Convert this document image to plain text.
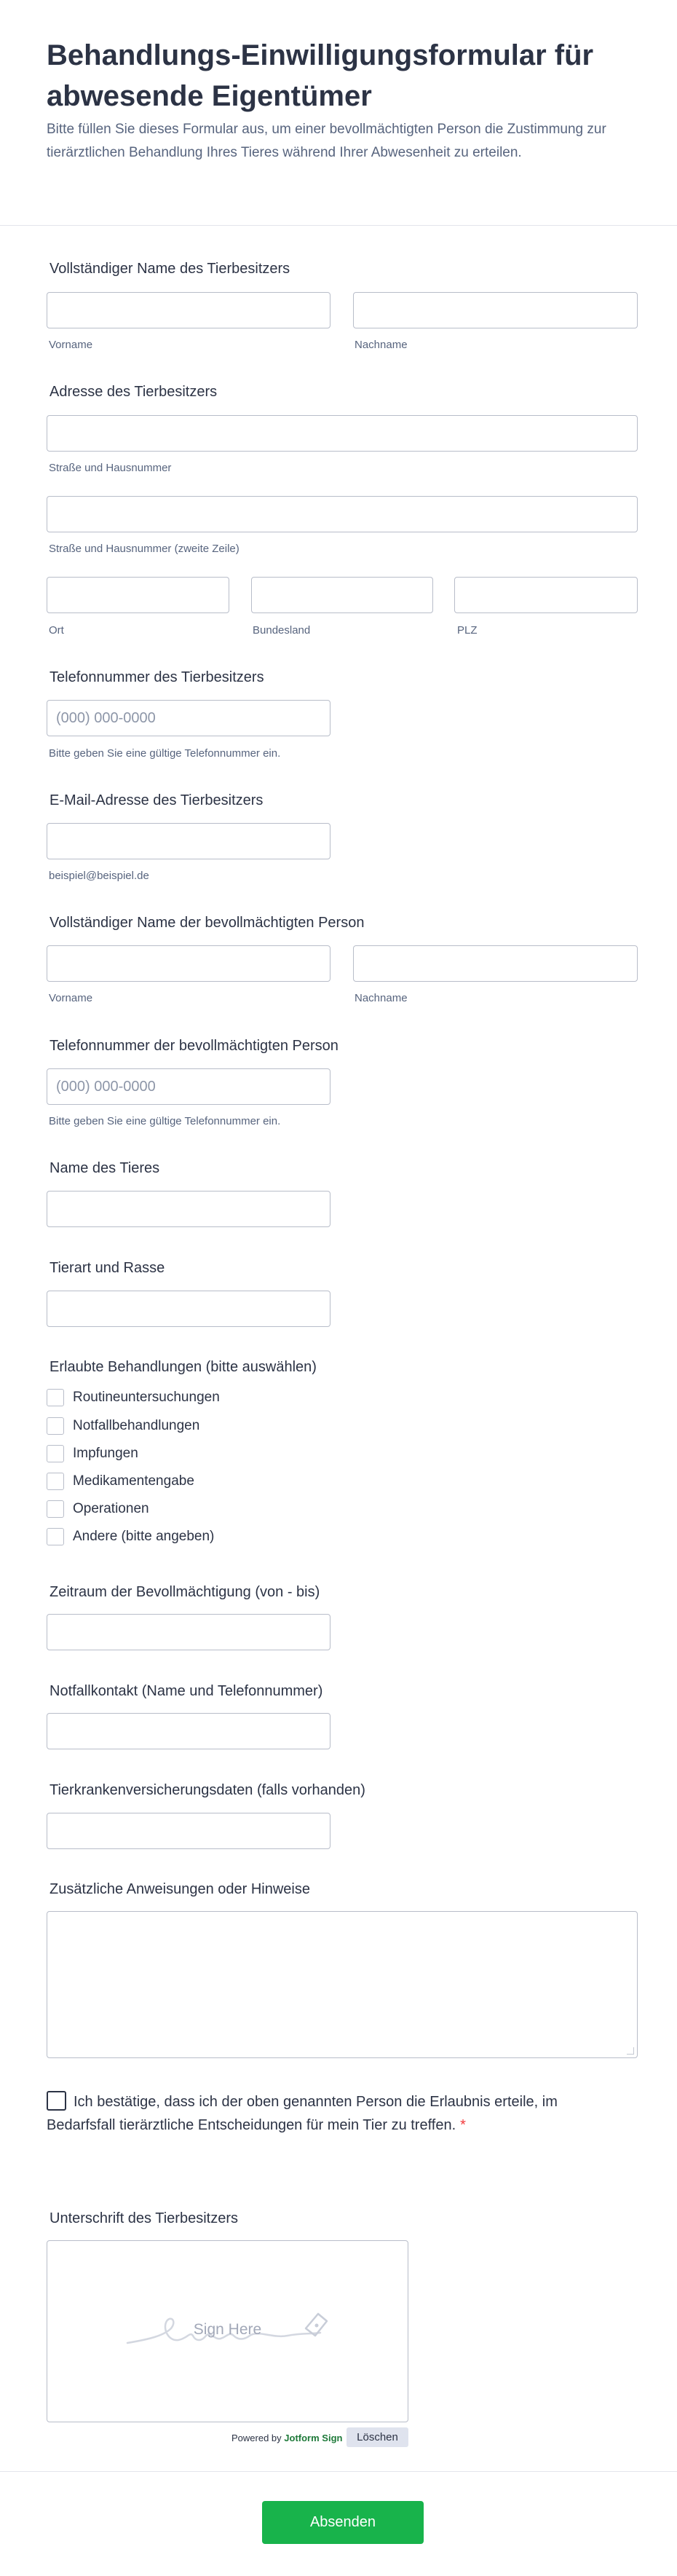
Behandlungs-Einwilligungsformular für abwesende Eigentümer
Bitte füllen Sie dieses Formular aus, um einer bevollmächtigten Person die Zustimmung zur tierärztlichen Behandlung Ihres Tieres während Ihrer Abwesenheit zu erteilen.
Vollständiger Name des Tierbesitzers
Vorname	Nachname
Adresse des Tierbesitzers
Straße und Hausnummer
Straße und Hausnummer (zweite Zeile)
Ort	Bundesland	PLZ
Telefonnummer des Tierbesitzers
(000) 000-0000
Bitte geben Sie eine gültige Telefonnummer ein.
E-Mail-Adresse des Tierbesitzers
beispiel@beispiel.de
Vollständiger Name der bevollmächtigten Person
Vorname	Nachname
Telefonnummer der bevollmächtigten Person
(000) 000-0000
Bitte geben Sie eine gültige Telefonnummer ein.
Name des Tieres
Tierart und Rasse
Erlaubte Behandlungen (bitte auswählen)
Routineuntersuchungen
Notfallbehandlungen
Impfungen
Medikamentengabe
Operationen
Andere (bitte angeben)
Zeitraum der Bevollmächtigung (von - bis)
Notfallkontakt (Name und Telefonnummer)
Tierkrankenversicherungsdaten (falls vorhanden)
Zusätzliche Anweisungen oder Hinweise
Ich bestätige, dass ich der oben genannten Person die Erlaubnis erteile, im Bedarfsfall tierärztliche Entscheidungen für mein Tier zu treffen. *
Unterschrift des Tierbesitzers
Sign Here
Powered by Jotform Sign	Löschen
Absenden
